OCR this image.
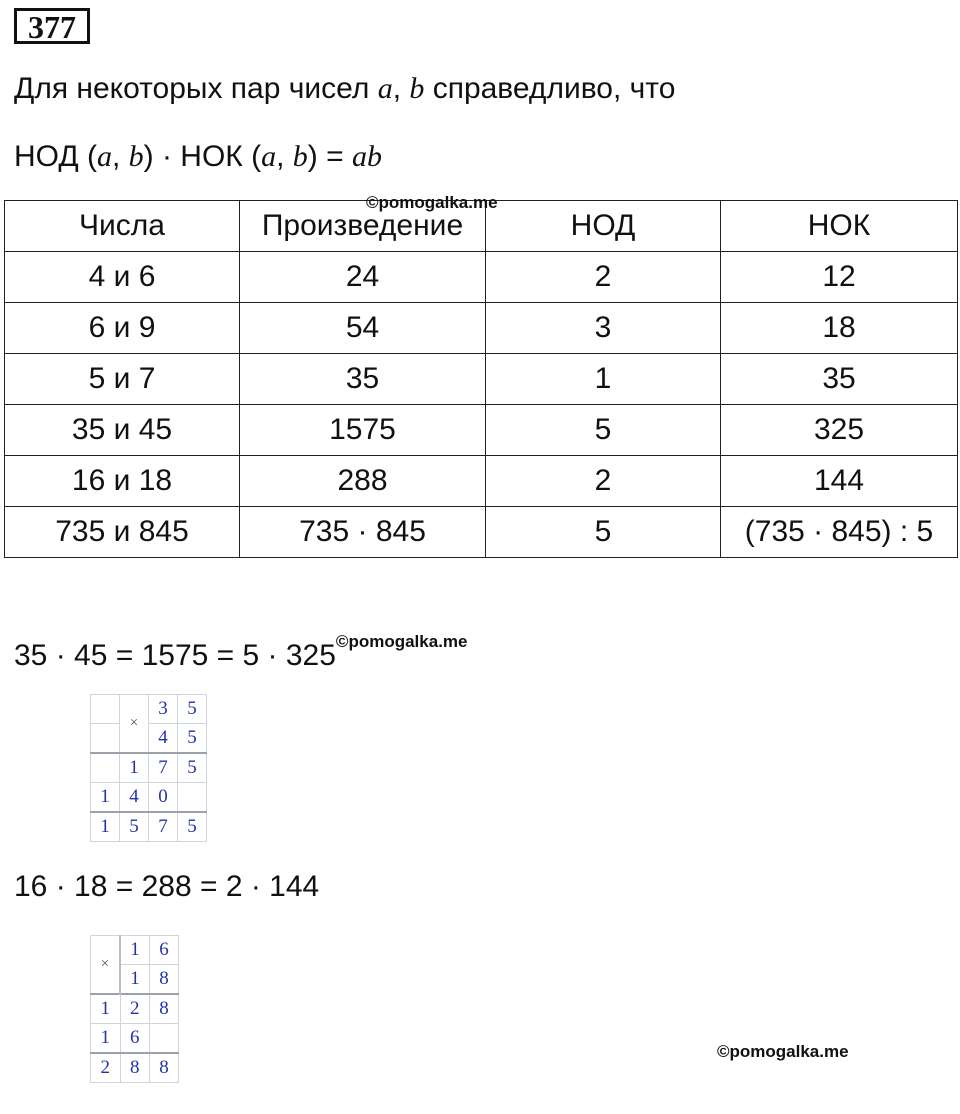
377
Для некоторых пар чисел a, b справедливо, что
НОД (a, b) · НОК (a, b) = ab
Числа	Произведение	НОД	НОК
4 и 6	24	2	12
6 и 9	54	3	18
5 и 7	35	1	35
35 и 45	1575	5	325
16 и 18	288	2	144
735 и 845	735 · 845	5	(735 · 845) : 5
©pomogalka.me
$35 \cdot 45 = 1575 = 5 \cdot 325^{©pomogalka.me}$
	×	3	5
		4	5
	1	7	5
1	4	0	
1	5	7	5
16 · 18 = 288 = 2 · 144
×	1	6
	1	8
1	2	8
1	6	
2	8	8
©pomogalka.me
